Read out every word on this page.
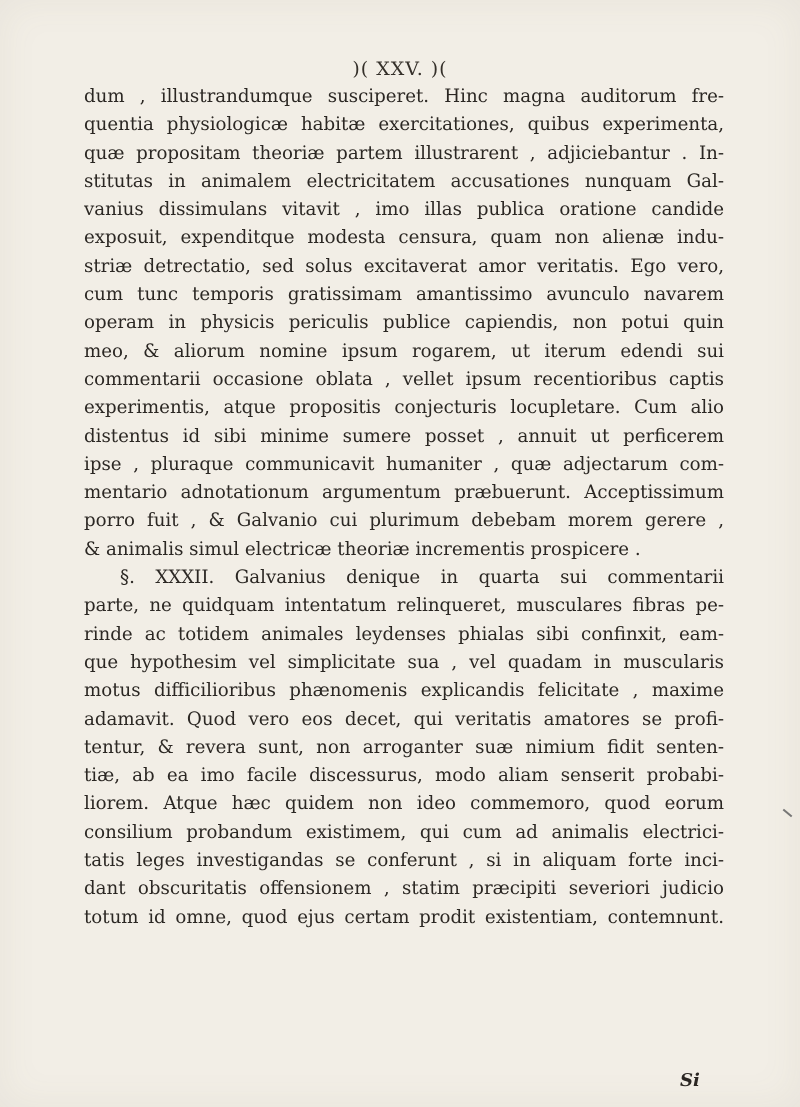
)( XXV. )(
dum , illustrandumque susciperet. Hinc magna auditorum fre-
quentia physiologicæ habitæ exercitationes, quibus experimenta,
quæ propositam theoriæ partem illustrarent , adjiciebantur . In-
stitutas in animalem electricitatem accusationes nunquam Gal-
vanius dissimulans vitavit , imo illas publica oratione candide
exposuit, expenditque modesta censura, quam non alienæ indu-
striæ detrectatio, sed solus excitaverat amor veritatis. Ego vero,
cum tunc temporis gratissimam amantissimo avunculo navarem
operam in physicis periculis publice capiendis, non potui quin
meo, & aliorum nomine ipsum rogarem, ut iterum edendi sui
commentarii occasione oblata , vellet ipsum recentioribus captis
experimentis, atque propositis conjecturis locupletare. Cum alio
distentus id sibi minime sumere posset , annuit ut perficerem
ipse , pluraque communicavit humaniter , quæ adjectarum com-
mentario adnotationum argumentum præbuerunt. Acceptissimum
porro fuit , & Galvanio cui plurimum debebam morem gerere ,
& animalis simul electricæ theoriæ incrementis prospicere .
§. XXXII. Galvanius denique in quarta sui commentarii
parte, ne quidquam intentatum relinqueret, musculares fibras pe-
rinde ac totidem animales leydenses phialas sibi confinxit, eam-
que hypothesim vel simplicitate sua , vel quadam in muscularis
motus difficilioribus phænomenis explicandis felicitate , maxime
adamavit. Quod vero eos decet, qui veritatis amatores se profi-
tentur, & revera sunt, non arroganter suæ nimium fidit senten-
tiæ, ab ea imo facile discessurus, modo aliam senserit probabi-
liorem. Atque hæc quidem non ideo commemoro, quod eorum
consilium probandum existimem, qui cum ad animalis electrici-
tatis leges investigandas se conferunt , si in aliquam forte inci-
dant obscuritatis offensionem , statim præcipiti severiori judicio
totum id omne, quod ejus certam prodit existentiam, contemnunt.
Si
